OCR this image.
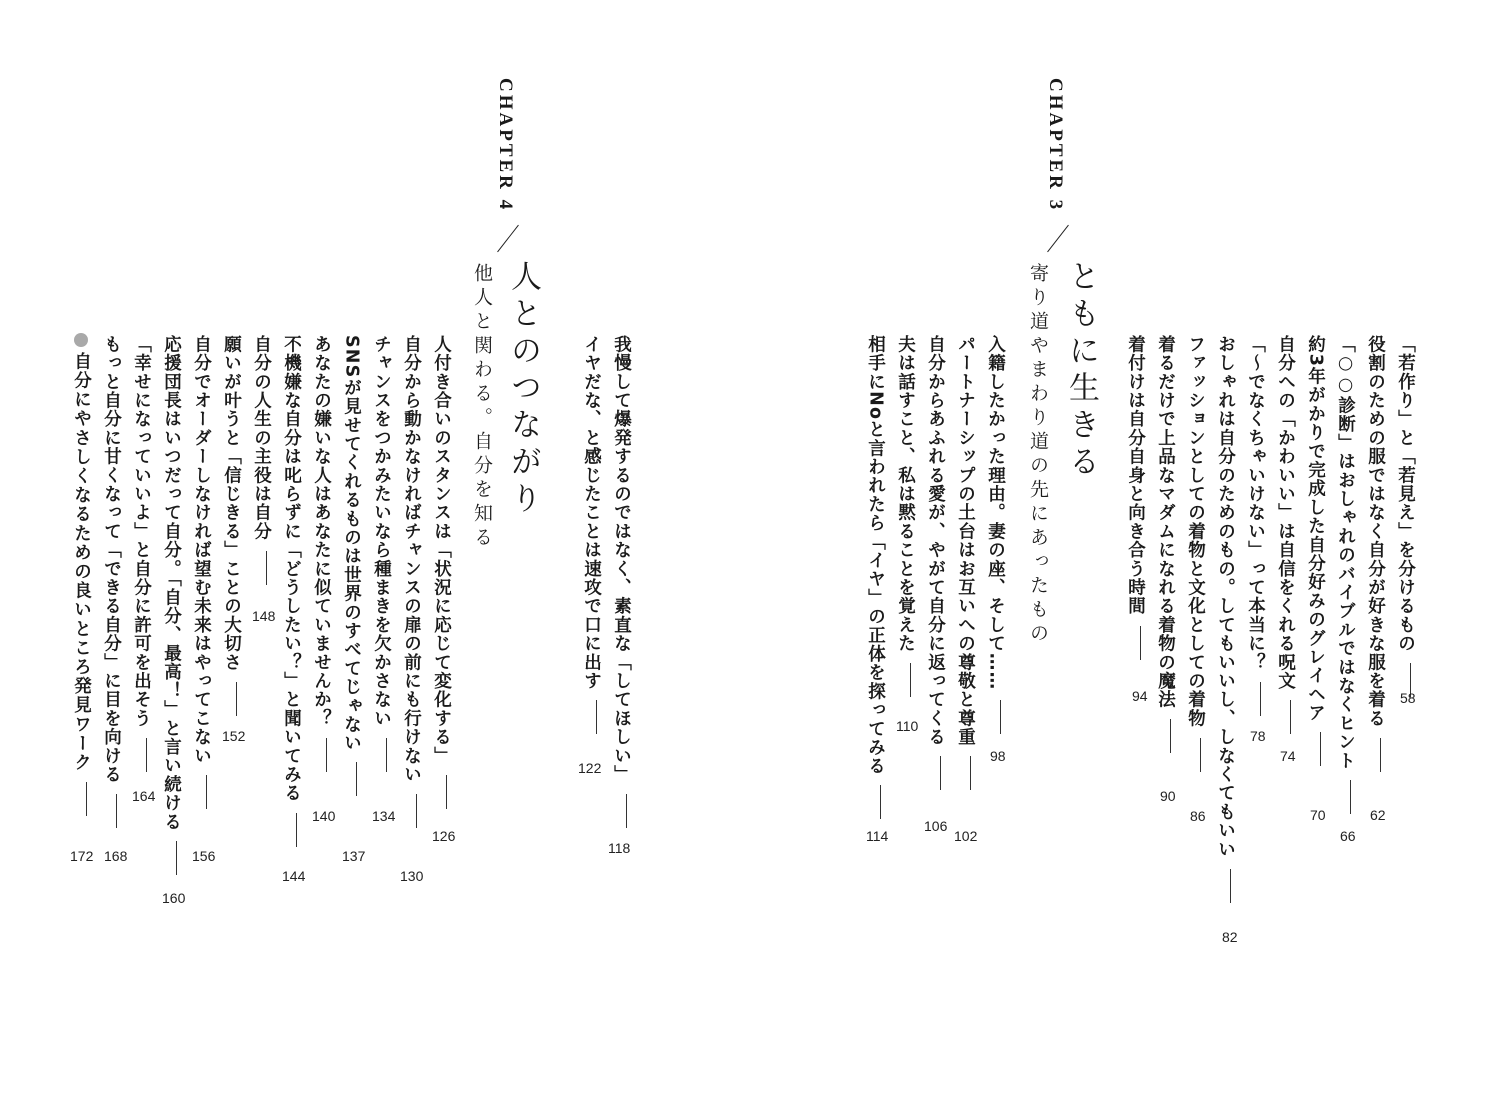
CHAPTER 3
ともに生きる
寄り道やまわり道の先にあったもの	「若作り」と「若見え」を分けるもの
58
役割のための服ではなく自分が好きな服を着る
62
「○○診断」はおしゃれのバイブルではなくヒント
66
約3年がかりで完成した自分好みのグレイヘア
70
自分への「かわいい」は自信をくれる呪文
74
「〜でなくちゃいけない」って本当に？
78
おしゃれは自分のためのもの。してもいいし、しなくてもいい
82
ファッションとしての着物と文化としての着物
86
着るだけで上品なマダムになれる着物の魔法
90
着付けは自分自身と向き合う時間
94
入籍したかった理由。妻の座、そして……
98
パートナーシップの土台はお互いへの尊敬と尊重
102
自分からあふれる愛が、やがて自分に返ってくる
106
夫は話すこと、私は黙ることを覚えた
110
相手にNoと言われたら「イヤ」の正体を探ってみる
114
我慢して爆発するのではなく、素直な「してほしい」
118
イヤだな、と感じたことは速攻で口に出す
122
CHAPTER 4
人とのつながり
他人と関わる。自分を知る
人付き合いのスタンスは「状況に応じて変化する」
126
自分から動かなければチャンスの扉の前にも行けない
130
チャンスをつかみたいなら種まきを欠かさない
134
SNSが見せてくれるものは世界のすべてじゃない
137
あなたの嫌いな人はあなたに似ていませんか？
140
不機嫌な自分は叱らずに「どうしたい？」と聞いてみる
144
自分の人生の主役は自分
148
願いが叶うと「信じきる」ことの大切さ
152
自分でオーダーしなければ望む未来はやってこない
156
応援団長はいつだって自分。「自分、最高！」と言い続ける
160
「幸せになっていいよ」と自分に許可を出そう
164
もっと自分に甘くなって「できる自分」に目を向ける
168
自分にやさしくなるための良いところ発見ワーク
172
